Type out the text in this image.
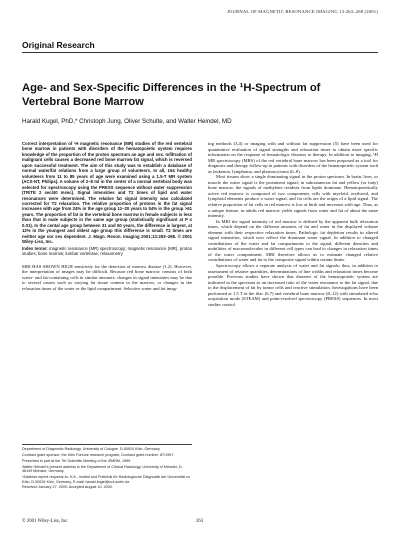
JOURNAL OF MAGNETIC RESONANCE IMAGING 13:263–268 (2001)
Original Research
Age- and Sex-Specific Differences in the ¹H-Spectrum of Vertebral Bone Marrow
Harald Kugel, PhD,* Christoph Jung, Oliver Schulte, and Walter Heindel, MD

Correct interpretation of ¹H magnetic resonance (MR) studies of the red vertebral bone marrow in patients with disorders of the hematopoietic system requires knowledge of the proportion of the proton spectrum an age and sex. Infiltration of malignant cells causes a decreased red bone marrow fat signal, which is reversed upon successful treatment. The aim of this study was to establish a database of normal water/fat relations from a large group of volunteers. In all, 154 healthy volunteers from 11 to 85 years of age were examined using a 1.5-T MR system (ACS-NT, Philips). A volume of 2–8 ml in the center of a normal vertebral body was selected for spectroscopy using the PRESS sequence without water suppression (TR/TE 2 sec/40 msec). Signal intensities and T2 times of lipid and water resonances were determined. The relative fat signal intensity was calculated corrected for T2 relaxation. The relative proportion of protons in the fat signal increases with age from 24% in the age group 11–20 years to 54% in the group >61 years. The proportion of fat in the vertebral bone marrow in female subjects is less than that in male subjects in the same age group (statistically significant at P ≤ 0.01). In the cental age group between 31 and 50 years, the difference is largest, at 12% in the youngest and oldest age group this difference is small. T2 times are neither age nor sex dependent. J. Magn. Reson. Imaging 2001;13:263–268. © 2001 Wiley-Liss, Inc.

Index terms: magnetic resonance (MR) spectroscopy; magnetic resonance (MR), proton studies; bone marrow; lumbar vertebrae; relaxometry

MRI HAS SHOWN HIGH sensitivity for the detection of marrow disease (1,2). However, the interpretation of images may be difficult. Because red bone marrow consists of both water- and fat-containing cells in similar amounts, changes in signal intensities may be due to several causes such as varying fat tissue content in the marrow, or changes in the relaxation times of the water or the lipid compartment. Selective water and fat imag-

ing methods (3,4) or imaging with and without fat suppression (5) have been used for quantitative evaluation of signal strengths and relaxation times to obtain more specific information on the response of hematologic diseases to therapy. In addition to imaging, ¹H MR spectroscopy (MRS) of the red vertebral bone marrow has been proposed as a tool for diagnosis and therapy follow-up in patients with disorders of the hematopoietic system such as leukemia, lymphoma, and plasmocytoma (6–8).

Most tissues show a single dominating signal in the proton spectrum. In brain, liver, or muscle the water signal is the prominent signal; in subcutaneous fat and yellow (or fatty) bone marrow, the signals of methylene residues from lipids dominate. Hematopoietically active red marrow is composed of two components cells with myeloid, erythroid, and lymphoid elements produce a water signal, and fat cells are the origin of a lipid signal. The relative proportion of fat cells in red marrow is low at birth and increases with age. Thus, as a unique feature, in adults red marrow yields signals from water and fat of about the same intensity.

In MRI the signal intensity of red marrow is defined by the apparent bulk relaxation times, which depend on the different amounts of fat and water in the displayed volume element with their respective relaxation times. Pathologic fat depletion results in altered signal intensities, which now reflect the dominant water signal. In addition to changed contributions of the water and fat compartments to the signal, different densities and mobilities of macromolecules in different cell types can lead to changes in relaxation times of the water compartment. MRI therefore allows us to estimate changed relative contributions of water and fat to the composite signal within certain limits.

Spectroscopy allows a separate analysis of water and fat signals; thus, in addition to assessment of relative quantities, determinations of line widths and relaxation times become possible. Previous studies have shown that diseases of the hematopoietic system are indicated in the spectrum as an increased ratio of the water resonance to the fat signal, due to the displacement of fat by tumor cells and reactive stimulation. Investigations have been performed at 1.5 T in the iliac (6,7) and vertebral bone marrow (8–12) with stimulated echo acquisition mode (STEAM) and point-resolved spectroscopy (PRESS) sequences. In most studies control

Department of Diagnostic Radiology, University of Cologne, D-50924 Köln, Germany.

Contract grant sponsor: the Köln Fortune research program; Contract grant number: 87/1997.

Presented in part at the 7th Scientific Meeting of the ISMRM, 1999.

Walter Heindel's present address is the Department of Clinical Radiology, University of Münster, D-48149 Münster, Germany.

*Address reprint requests to: H.K., Institut und Poliklinik für Radiologische Diagnostik der Universität zu Köln, D-50924 Köln, Germany. E-mail: harald.kugel@uni-koeln.de

Received January 27, 2000; Accepted August 10, 2000.

© 2001 Wiley-Liss, Inc.	263
